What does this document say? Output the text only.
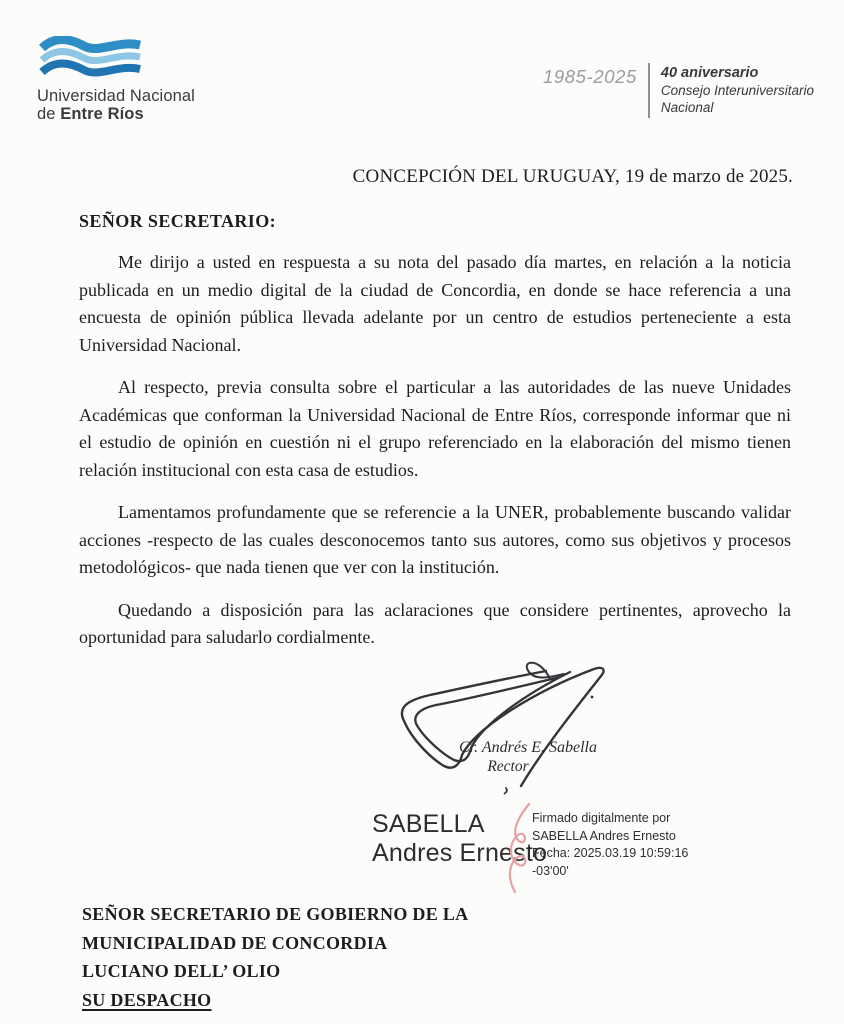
Universidad Nacional
de Entre Ríos
1985-2025 40 aniversario
Consejo Interuniversitario
Nacional
CONCEPCIÓN DEL URUGUAY, 19 de marzo de 2025.
SEÑOR SECRETARIO:

Me dirijo a usted en respuesta a su nota del pasado día martes, en relación a la noticia publicada en un medio digital de la ciudad de Concordia, en donde se hace referencia a una encuesta de opinión pública llevada adelante por un centro de estudios perteneciente a esta Universidad Nacional.

Al respecto, previa consulta sobre el particular a las autoridades de las nueve Unidades Académicas que conforman la Universidad Nacional de Entre Ríos, corresponde informar que ni el estudio de opinión en cuestión ni el grupo referenciado en la elaboración del mismo tienen relación institucional con esta casa de estudios.

Lamentamos profundamente que se referencie a la UNER, probablemente buscando validar acciones -respecto de las cuales desconocemos tanto sus autores, como sus objetivos y procesos metodológicos- que nada tienen que ver con la institución.

Quedando a disposición para las aclaraciones que considere pertinentes, aprovecho la oportunidad para saludarlo cordialmente.

Cr. Andrés E. Sabella
Rector
SABELLA
Andres Ernesto
Firmado digitalmente por
SABELLA Andres Ernesto
Fecha: 2025.03.19 10:59:16
-03'00'
SEÑOR SECRETARIO DE GOBIERNO DE LA
MUNICIPALIDAD DE CONCORDIA
LUCIANO DELL’ OLIO
SU DESPACHO
